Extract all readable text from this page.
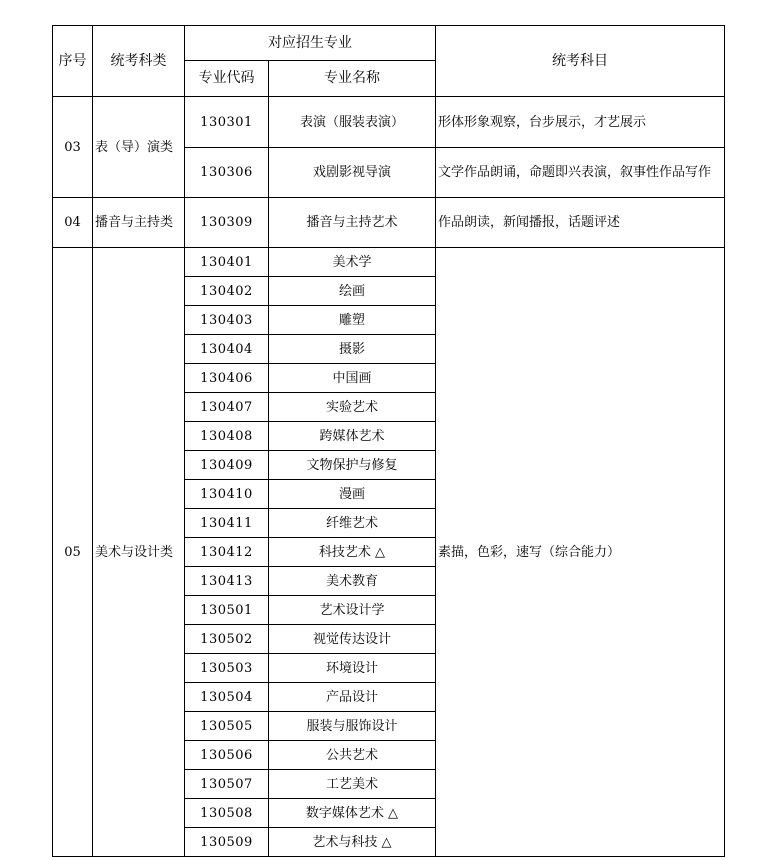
序号	统考科类	对应招生专业		统考科目
		专业代码	专业名称	
03	表（导）演类	130301	表演（服装表演）	形体形象观察，台步展示，才艺展示
		130306	戏剧影视导演	文学作品朗诵，命题即兴表演，叙事性作品写作
04	播音与主持类	130309	播音与主持艺术	作品朗读，新闻播报，话题评述
05	美术与设计类	130401	美术学	素描，色彩，速写（综合能力）
		130402	绘画	
		130403	雕塑	
		130404	摄影	
		130406	中国画	
		130407	实验艺术	
		130408	跨媒体艺术	
		130409	文物保护与修复	
		130410	漫画	
		130411	纤维艺术	
		130412	科技艺术 △	
		130413	美术教育	
		130501	艺术设计学	
		130502	视觉传达设计	
		130503	环境设计	
		130504	产品设计	
		130505	服装与服饰设计	
		130506	公共艺术	
		130507	工艺美术	
		130508	数字媒体艺术 △	
		130509	艺术与科技 △	
